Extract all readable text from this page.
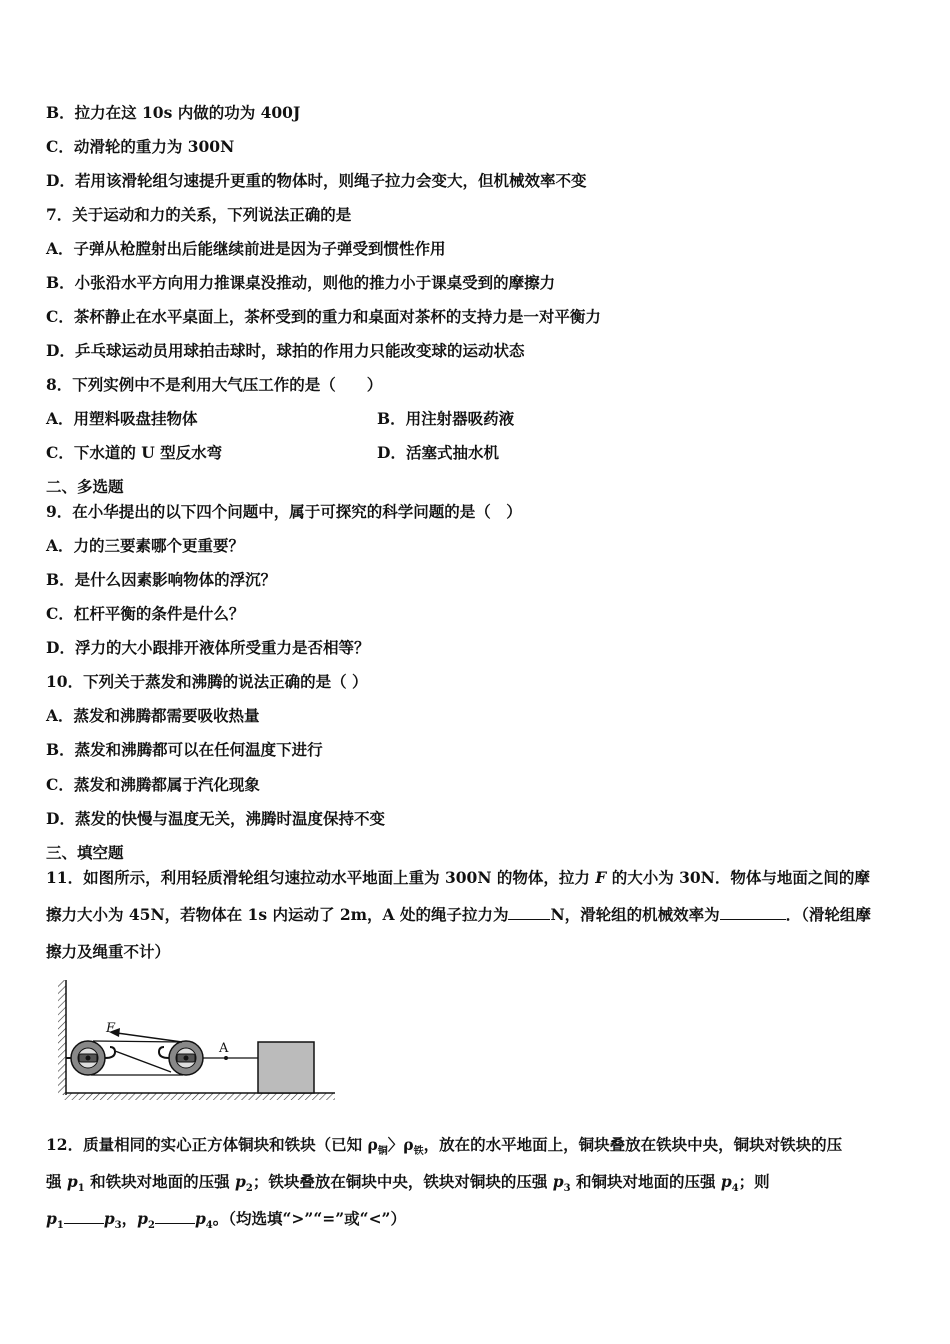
B．拉力在这 10s 内做的功为 400J
C．动滑轮的重力为 300N
D．若用该滑轮组匀速提升更重的物体时，则绳子拉力会变大，但机械效率不变
7．关于运动和力的关系，下列说法正确的是
A．子弹从枪膛射出后能继续前进是因为子弹受到惯性作用
B．小张沿水平方向用力推课桌没推动，则他的推力小于课桌受到的摩擦力
C．茶杯静止在水平桌面上，茶杯受到的重力和桌面对茶杯的支持力是一对平衡力
D．乒乓球运动员用球拍击球时，球拍的作用力只能改变球的运动状态
8．下列实例中不是利用大气压工作的是（　　）
A．用塑料吸盘挂物体	B．用注射器吸药液
C．下水道的 U 型反水弯	D．活塞式抽水机
二、多选题
9．在小华提出的以下四个问题中，属于可探究的科学问题的是（　）
A．力的三要素哪个更重要？
B．是什么因素影响物体的浮沉？
C．杠杆平衡的条件是什么？
D．浮力的大小跟排开液体所受重力是否相等？
10．下列关于蒸发和沸腾的说法正确的是（ ）
A．蒸发和沸腾都需要吸收热量
B．蒸发和沸腾都可以在任何温度下进行
C．蒸发和沸腾都属于汽化现象
D．蒸发的快慢与温度无关，沸腾时温度保持不变
三、填空题
11．如图所示，利用轻质滑轮组匀速拉动水平地面上重为 300N 的物体，拉力 F 的大小为 30N．物体与地面之间的摩
擦力大小为 45N，若物体在 1s 内运动了 2m，A 处的绳子拉力为	N，滑轮组的机械效率为	．（滑轮组摩
擦力及绳重不计）
F
A
12．质量相同的实心正方体铜块和铁块（已知 $\rho_铜$〉$\rho_铁$，放在的水平地面上，铜块叠放在铁块中央，铜块对铁块的压
强 $p_1$ 和铁块对地面的压强 $p_2$；铁块叠放在铜块中央，铁块对铜块的压强 $p_3$ 和铜块对地面的压强 $p_4$；则
$p_1$	$p_3$，$p_2$	$p_4$。（均选填“>”“=”或“<”）
